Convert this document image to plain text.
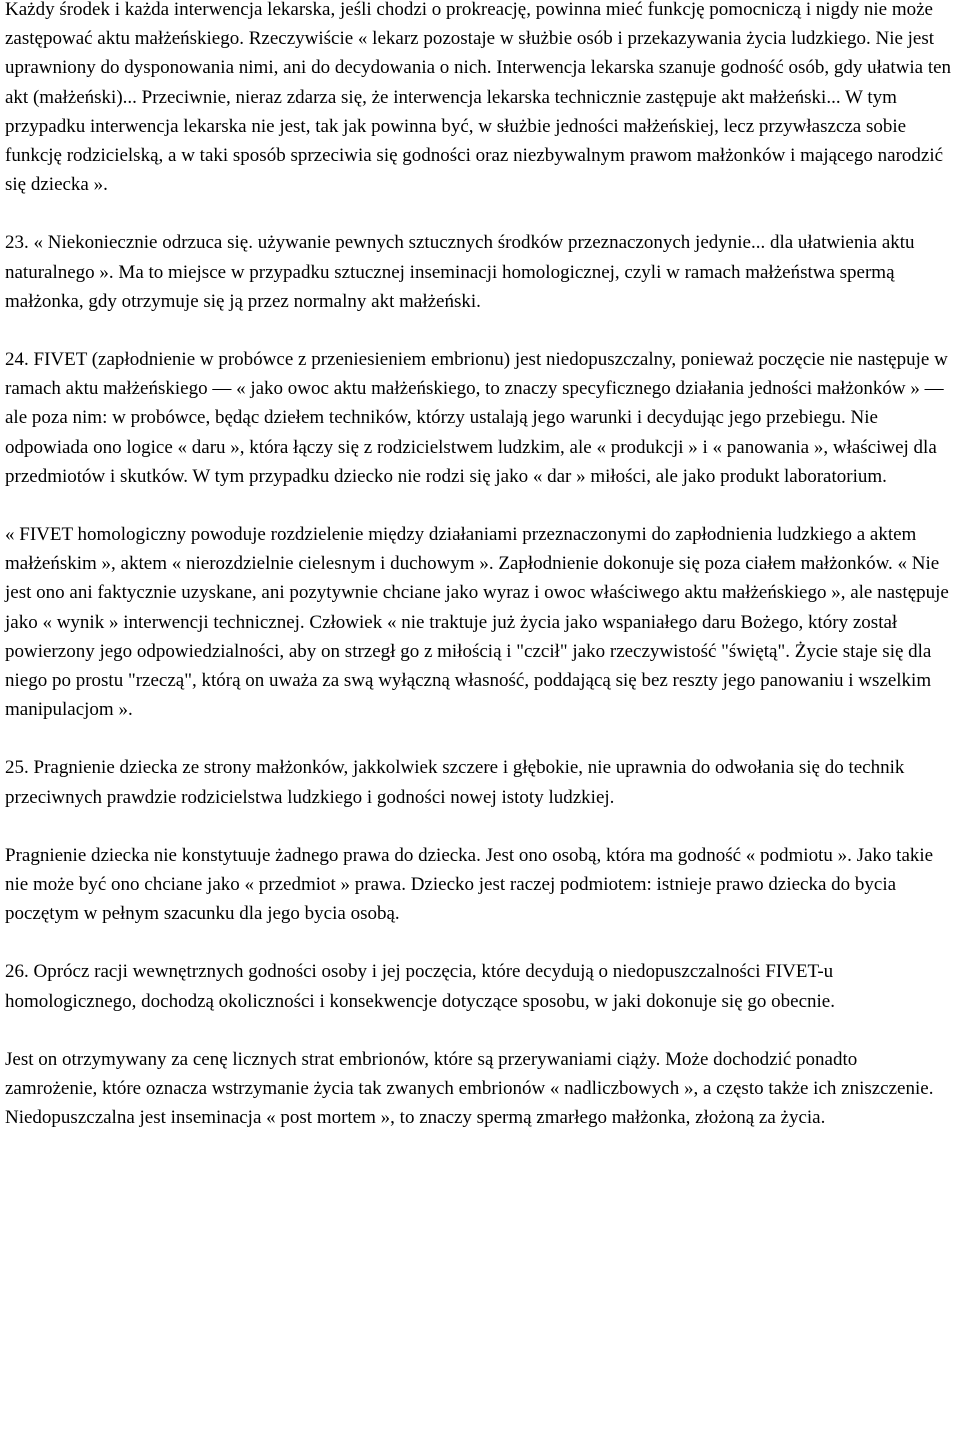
Każdy środek i każda interwencja lekarska, jeśli chodzi o prokreację, powinna mieć funkcję pomocniczą i nigdy nie może zastępować aktu małżeńskiego. Rzeczywiście « lekarz pozostaje w służbie osób i przekazywania życia ludzkiego. Nie jest uprawniony do dysponowania nimi, ani do decydowania o nich. Interwencja lekarska szanuje godność osób, gdy ułatwia ten akt (małżeński)... Przeciwnie, nieraz zdarza się, że interwencja lekarska technicznie zastępuje akt małżeński... W tym przypadku interwencja lekarska nie jest, tak jak powinna być, w służbie jedności małżeńskiej, lecz przywłaszcza sobie funkcję rodzicielską, a w taki sposób sprzeciwia się godności oraz niezbywalnym prawom małżonków i mającego narodzić się dziecka ».

23. « Niekoniecznie odrzuca się. używanie pewnych sztucznych środków przeznaczonych jedynie... dla ułatwienia aktu naturalnego ». Ma to miejsce w przypadku sztucznej inseminacji homologicznej, czyli w ramach małżeństwa spermą małżonka, gdy otrzymuje się ją przez normalny akt małżeński.

24. FIVET (zapłodnienie w probówce z przeniesieniem embrionu) jest niedopuszczalny, ponieważ poczęcie nie następuje w ramach aktu małżeńskiego — « jako owoc aktu małżeńskiego, to znaczy specyficznego działania jedności małżonków » — ale poza nim: w probówce, będąc dziełem techników, którzy ustalają jego warunki i decydując jego przebiegu. Nie odpowiada ono logice « daru », która łączy się z rodzicielstwem ludzkim, ale « produkcji » i « panowania », właściwej dla przedmiotów i skutków. W tym przypadku dziecko nie rodzi się jako « dar » miłości, ale jako produkt laboratorium.

« FIVET homologiczny powoduje rozdzielenie między działaniami przeznaczonymi do zapłodnienia ludzkiego a aktem małżeńskim », aktem « nierozdzielnie cielesnym i duchowym ». Zapłodnienie dokonuje się poza ciałem małżonków. « Nie jest ono ani faktycznie uzyskane, ani pozytywnie chciane jako wyraz i owoc właściwego aktu małżeńskiego », ale następuje jako « wynik » interwencji technicznej. Człowiek « nie traktuje już życia jako wspaniałego daru Bożego, który został powierzony jego odpowiedzialności, aby on strzegł go z miłością i "czcił" jako rzeczywistość "świętą". Życie staje się dla niego po prostu "rzeczą", którą on uważa za swą wyłączną własność, poddającą się bez reszty jego panowaniu i wszelkim manipulacjom ».

25. Pragnienie dziecka ze strony małżonków, jakkolwiek szczere i głębokie, nie uprawnia do odwołania się do technik przeciwnych prawdzie rodzicielstwa ludzkiego i godności nowej istoty ludzkiej.

Pragnienie dziecka nie konstytuuje żadnego prawa do dziecka. Jest ono osobą, która ma godność « podmiotu ». Jako takie nie może być ono chciane jako « przedmiot » prawa. Dziecko jest raczej podmiotem: istnieje prawo dziecka do bycia poczętym w pełnym szacunku dla jego bycia osobą.

26. Oprócz racji wewnętrznych godności osoby i jej poczęcia, które decydują o niedopuszczalności FIVET-u homologicznego, dochodzą okoliczności i konsekwencje dotyczące sposobu, w jaki dokonuje się go obecnie.

Jest on otrzymywany za cenę licznych strat embrionów, które są przerywaniami ciąży. Może dochodzić ponadto zamrożenie, które oznacza wstrzymanie życia tak zwanych embrionów « nadliczbowych », a często także ich zniszczenie. Niedopuszczalna jest inseminacja « post mortem », to znaczy spermą zmarłego małżonka, złożoną za życia.
